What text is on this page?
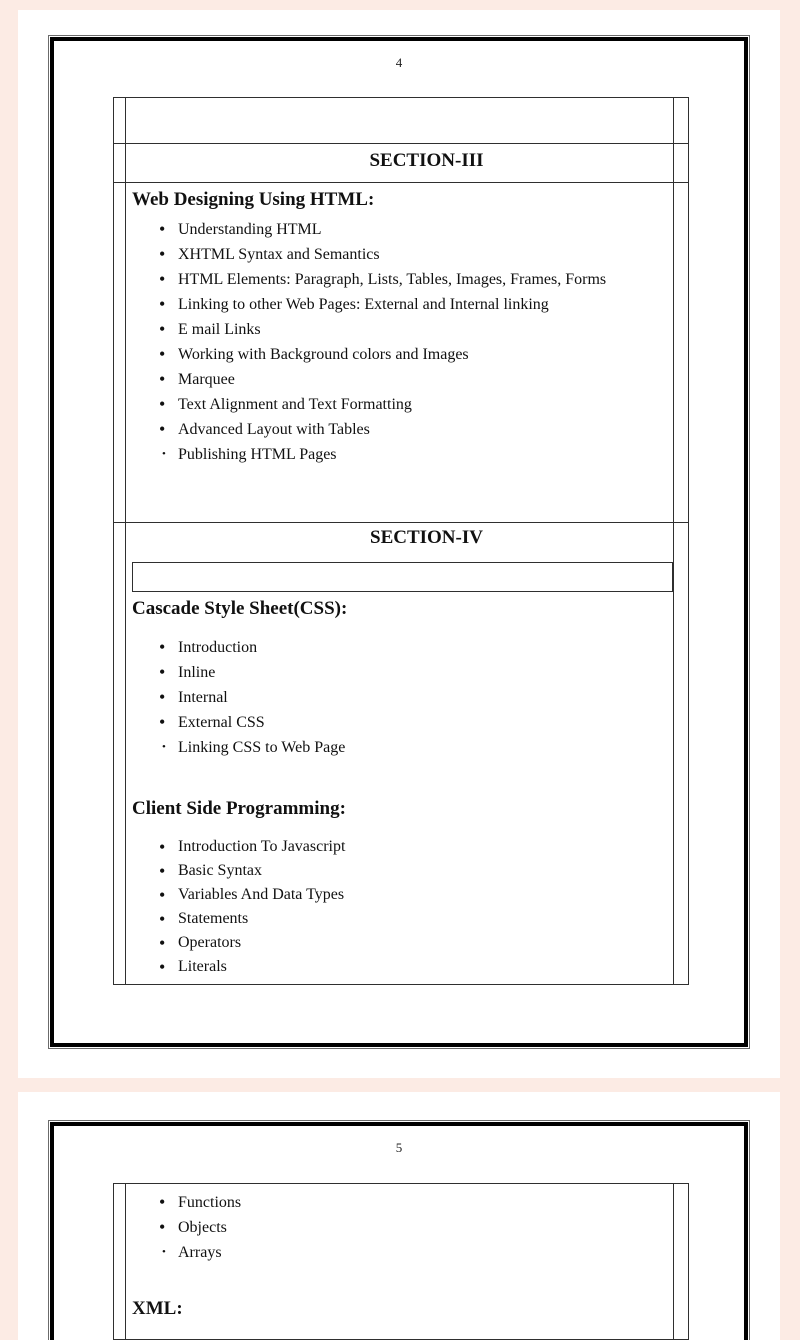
4
SECTION-III
Web Designing Using HTML:
• Understanding HTML
• XHTML Syntax and Semantics
• HTML Elements: Paragraph, Lists, Tables, Images, Frames, Forms
• Linking to other Web Pages: External and Internal linking
• E mail Links
• Working with Background colors and Images
• Marquee
• Text Alignment and Text Formatting
• Advanced Layout with Tables
• Publishing HTML Pages
SECTION-IV
Cascade Style Sheet(CSS):
• Introduction
• Inline
• Internal
• External CSS
• Linking CSS to Web Page
Client Side Programming:
• Introduction To Javascript
• Basic Syntax
• Variables And Data Types
• Statements
• Operators
• Literals
5
• Functions
• Objects
• Arrays
XML:
